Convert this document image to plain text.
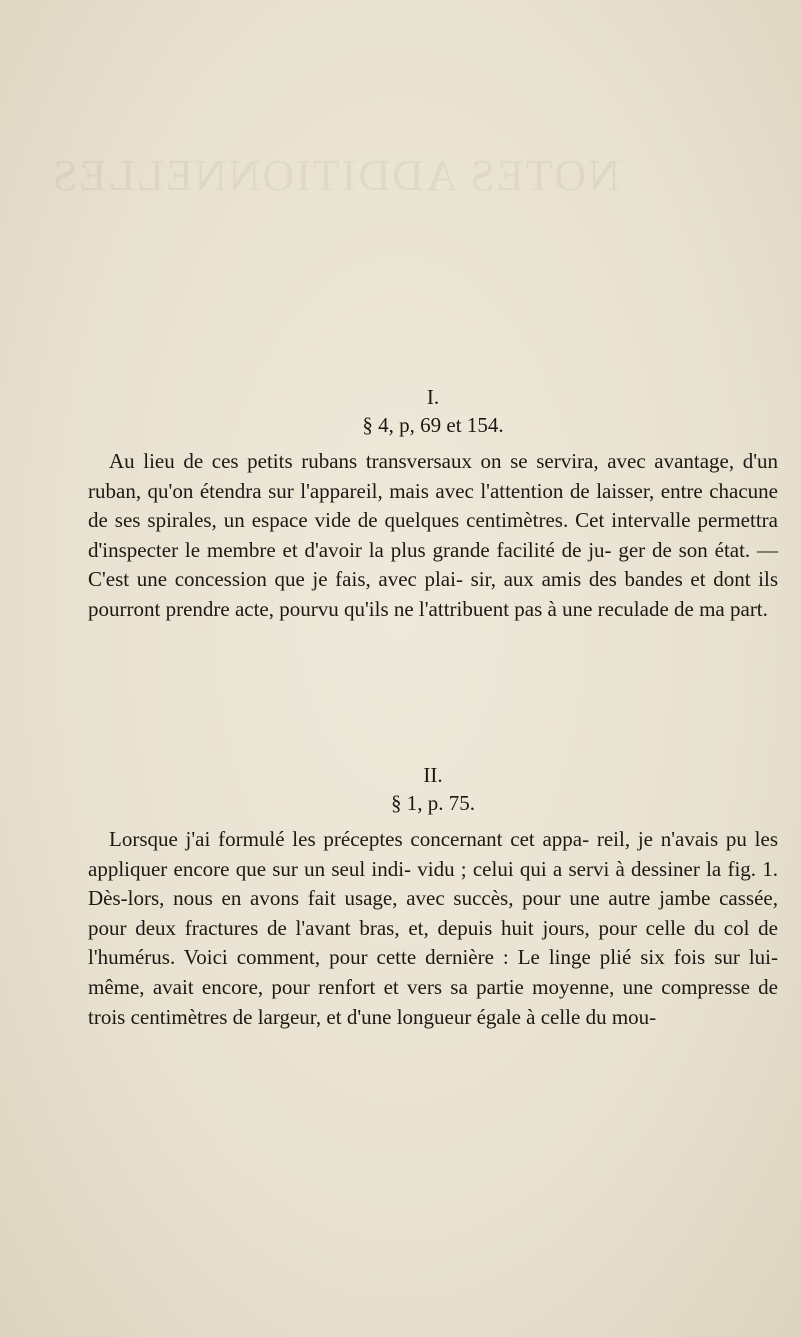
NOTES ADDITIONNELLES
I.
§ 4, p, 69 et 154.

Au lieu de ces petits rubans transversaux on se servira, avec avantage, d'un ruban, qu'on étendra sur l'appareil, mais avec l'attention de laisser, entre chacune de ses spirales, un espace vide de quelques centimètres. Cet intervalle permettra d'inspecter le membre et d'avoir la plus grande facilité de ju- ger de son état. — C'est une concession que je fais, avec plai- sir, aux amis des bandes et dont ils pourront prendre acte, pourvu qu'ils ne l'attribuent pas à une reculade de ma part.

II.
§ 1, p. 75.

Lorsque j'ai formulé les préceptes concernant cet appa- reil, je n'avais pu les appliquer encore que sur un seul indi- vidu ; celui qui a servi à dessiner la fig. 1. Dès-lors, nous en avons fait usage, avec succès, pour une autre jambe cassée, pour deux fractures de l'avant bras, et, depuis huit jours, pour celle du col de l'humérus. Voici comment, pour cette dernière : Le linge plié six fois sur lui-même, avait encore, pour renfort et vers sa partie moyenne, une compresse de trois centimètres de largeur, et d'une longueur égale à celle du mou-
